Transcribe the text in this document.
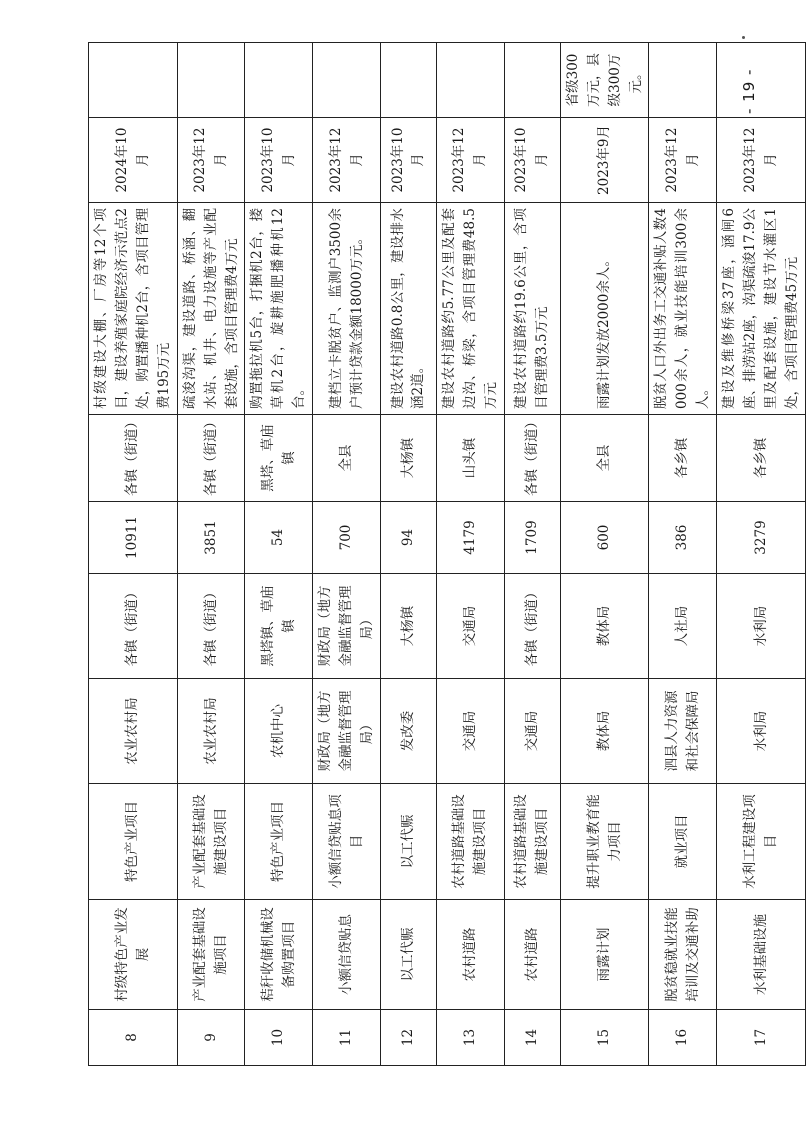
8	村级特色产业发展	特色产业项目	农业农村局	各镇（街道）	10911	各镇（街道）	村级建设大棚、厂房等12个项目，建设养殖家庭院经济示范点2处，购置播种机2台，含项目管理费195万元	2024年10月	
9	产业配套基础设施项目	产业配套基础设施建设项目	农业农村局	各镇（街道）	3851	各镇（街道）	疏浚沟渠，建设道路、桥涵、翻水站、机井、电力设施等产业配套设施，含项目管理费4万元	2023年12月	
10	秸秆收储机械设备购置项目	特色产业项目	农机中心	黑塔镇、草庙镇	54	黑塔、草庙镇	购置拖拉机5台，打捆机2台，搂草机2台，旋耕施肥播种机12台。	2023年10月	
11	小额信贷贴息	小额信贷贴息项目	财政局（地方金融监督管理局）	财政局（地方金融监督管理局）	700	全县	建档立卡脱贫户、监测户3500余户预计贷款金额18000万元。	2023年12月	
12	以工代赈	以工代赈	发改委	大杨镇	94	大杨镇	建设农村道路0.8公里，建设排水涵2道。	2023年10月	
13	农村道路	农村道路基础设施建设项目	交通局	交通局	4179	山头镇	建设农村道路约5.77公里及配套边沟、桥梁，含项目管理费48.5万元	2023年12月	
14	农村道路	农村道路基础设施建设项目	交通局	各镇（街道）	1709	各镇（街道）	建设农村道路约19.6公里，含项目管理费3.5万元	2023年10月	
15	雨露计划	提升职业教育能力项目	教体局	教体局	600	全县	雨露计划发放2000余人。	2023年9月	省级300万元，县级300万元。
16	脱贫稳就业技能培训及交通补助	就业项目	泗县人力资源和社会保障局	人社局	386	各乡镇	脱贫人口外出务工交通补贴人数4000余人，就业技能培训300余人。	2023年12月	
17	水利基础设施	水利工程建设项目	水利局	水利局	3279	各乡镇	建设及维修桥梁37座，涵闸6座、排涝站2座，沟渠疏浚17.9公里及配套设施，建设节水灌区1处，含项目管理费45万元	2023年12月	
- 19 -
